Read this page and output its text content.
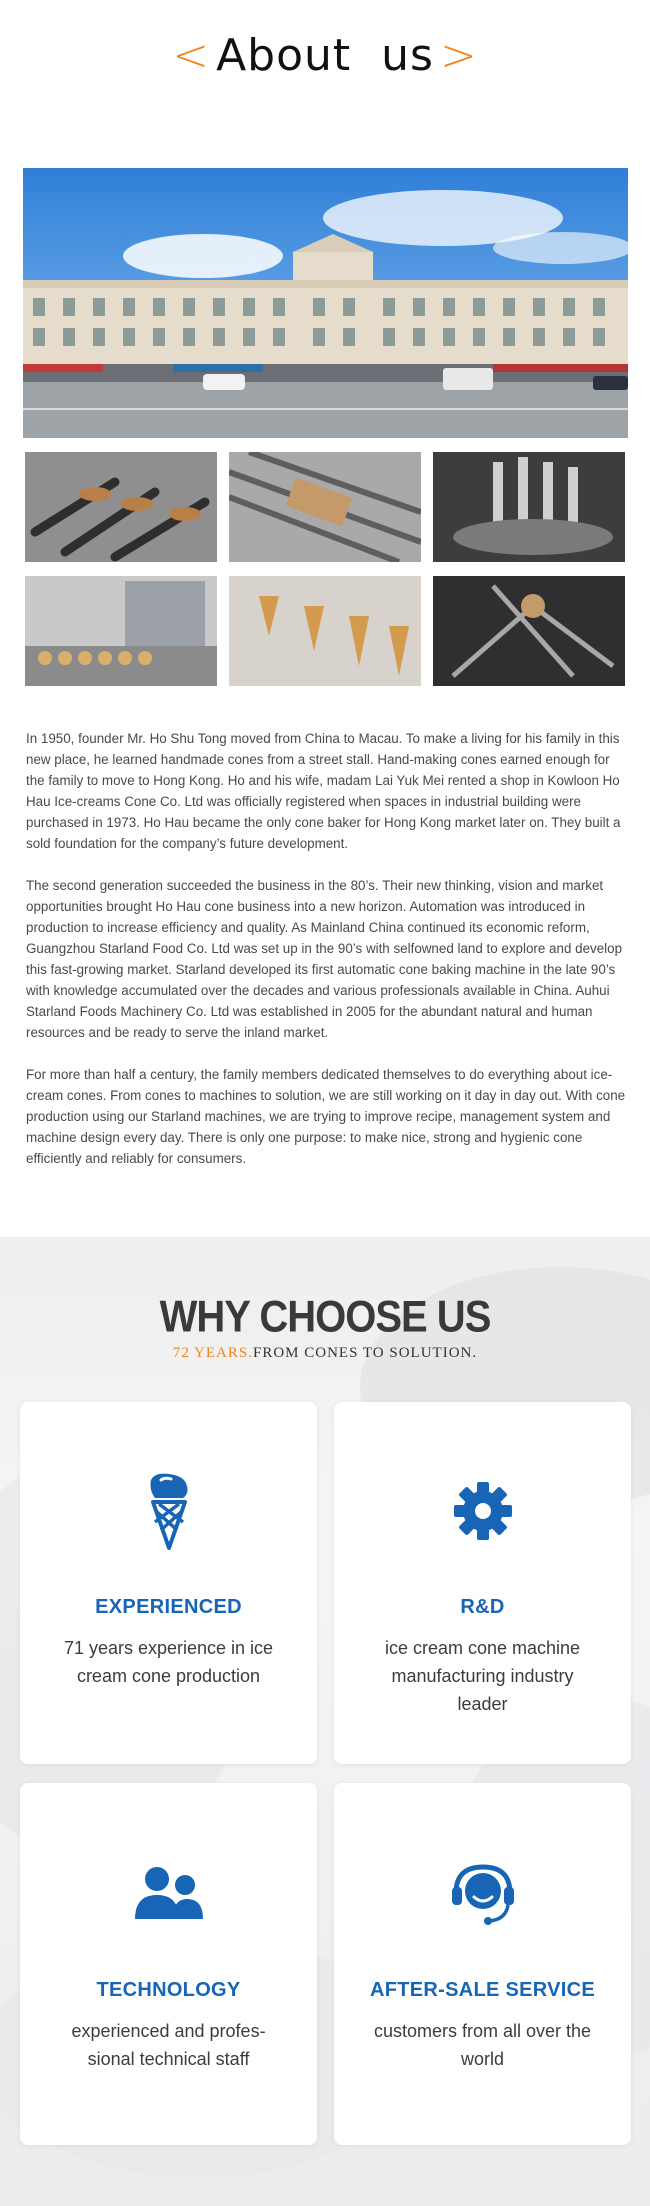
< About  us >

In 1950, founder Mr. Ho Shu Tong moved from China to Macau. To make a living for his family in this new place, he learned handmade cones from a street stall. Hand-making cones earned enough for the family to move to Hong Kong. Ho and his wife, madam Lai Yuk Mei rented a shop in Kowloon Ho Hau Ice-creams Cone Co. Ltd was officially registered when spaces in industrial building were purchased in 1973. Ho Hau became the only cone baker for Hong Kong market later on. They built a sold foundation for the company’s future development.

The second generation succeeded the business in the 80’s. Their new thinking, vision and market opportunities brought Ho Hau cone business into a new horizon. Automation was introduced in production to increase efficiency and quality. As Mainland China continued its economic reform, Guangzhou Starland Food Co. Ltd was set up in the 90’s with selfowned land to explore and develop this fast-growing market. Starland developed its first automatic cone baking machine in the late 90’s with knowledge accumulated over the decades and various professionals available in China. Auhui Starland Foods Machinery Co. Ltd was established in 2005 for the abundant natural and human resources and be ready to serve the inland market.

For more than half a century, the family members dedicated themselves to do everything about ice-cream cones. From cones to machines to solution, we are still working on it day in day out. With cone production using our Starland machines, we are trying to improve recipe, management system and machine design every day. There is only one purpose: to make nice, strong and hygienic cone efficiently and reliably for consumers.

WHY CHOOSE US
72 YEARS.FROM CONES TO SOLUTION.
EXPERIENCED
71 years experience in ice cream cone production
R&D
ice cream cone machine manufacturing industry leader
TECHNOLOGY
experienced and profes-sional technical staff
AFTER-SALE SERVICE
customers from all over the world
